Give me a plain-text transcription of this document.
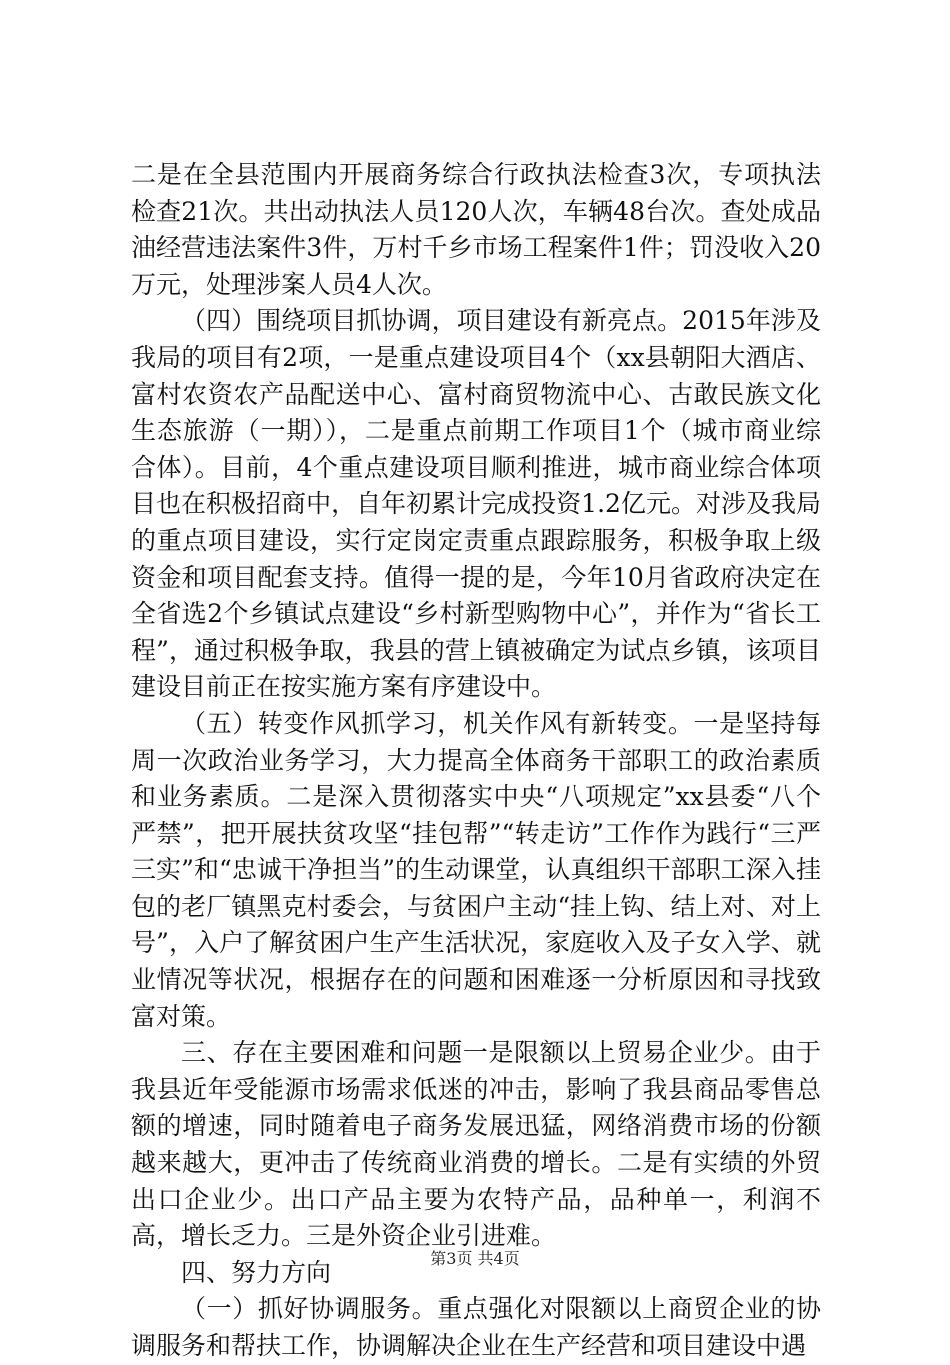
二是在全县范围内开展商务综合行政执法检查3次，专项执法检查21次。共出动执法人员120人次，车辆48台次。查处成品油经营违法案件3件，万村千乡市场工程案件1件；罚没收入20万元，处理涉案人员4人次。

（四）围绕项目抓协调，项目建设有新亮点。2015年涉及我局的项目有2项，一是重点建设项目4个（xx县朝阳大酒店、富村农资农产品配送中心、富村商贸物流中心、古敢民族文化生态旅游（一期）），二是重点前期工作项目1个（城市商业综合体）。目前，4个重点建设项目顺利推进，城市商业综合体项目也在积极招商中，自年初累计完成投资1.2亿元。对涉及我局的重点项目建设，实行定岗定责重点跟踪服务，积极争取上级资金和项目配套支持。值得一提的是，今年10月省政府决定在全省选2个乡镇试点建设“乡村新型购物中心”，并作为“省长工程”，通过积极争取，我县的营上镇被确定为试点乡镇，该项目建设目前正在按实施方案有序建设中。

（五）转变作风抓学习，机关作风有新转变。一是坚持每周一次政治业务学习，大力提高全体商务干部职工的政治素质和业务素质。二是深入贯彻落实中央“八项规定”xx县委“八个严禁”，把开展扶贫攻坚“挂包帮”“转走访”工作作为践行“三严三实”和“忠诚干净担当”的生动课堂，认真组织干部职工深入挂包的老厂镇黑克村委会，与贫困户主动“挂上钩、结上对、对上号”，入户了解贫困户生产生活状况，家庭收入及子女入学、就业情况等状况，根据存在的问题和困难逐一分析原因和寻找致富对策。

三、存在主要困难和问题一是限额以上贸易企业少。由于我县近年受能源市场需求低迷的冲击，影响了我县商品零售总额的增速，同时随着电子商务发展迅猛，网络消费市场的份额越来越大，更冲击了传统商业消费的增长。二是有实绩的外贸出口企业少。出口产品主要为农特产品，品种单一，利润不高，增长乏力。三是外资企业引进难。

四、努力方向

（一）抓好协调服务。重点强化对限额以上商贸企业的协调服务和帮扶工作，协调解决企业在生产经营和项目建设中遇

第3页 共4页
